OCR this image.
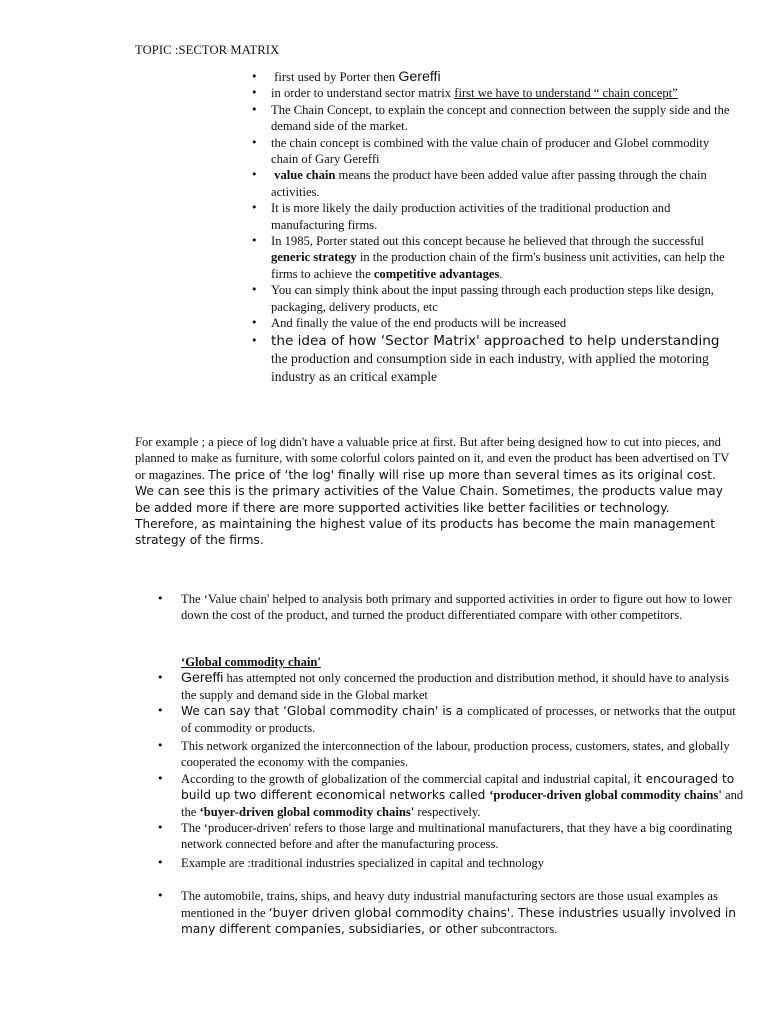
TOPIC :SECTOR MATRIX
• first used by Porter then Gereffi
• in order to understand sector matrix first we have to understand “ chain concept”
• The Chain Concept, to explain the concept and connection between the supply side and the demand side of the market.
• the chain concept is combined with the value chain of producer and Globel commodity chain of Gary Gereffi
• value chain means the product have been added value after passing through the chain activities.
• It is more likely the daily production activities of the traditional production and manufacturing firms.
• In 1985, Porter stated out this concept because he believed that through the successful generic strategy in the production chain of the firm's business unit activities, can help the firms to achieve the competitive advantages.
• You can simply think about the input passing through each production steps like design, packaging, delivery products, etc
• And finally the value of the end products will be increased
• the idea of how ‘Sector Matrix' approached to help understanding the production and consumption side in each industry, with applied the motoring industry as an critical example

For example ; a piece of log didn't have a valuable price at first. But after being designed how to cut into pieces, and planned to make as furniture, with some colorful colors painted on it, and even the product has been advertised on TV or magazines. The price of ‘the log' finally will rise up more than several times as its original cost. We can see this is the primary activities of the Value Chain. Sometimes, the products value may be added more if there are more supported activities like better facilities or technology. Therefore, as maintaining the highest value of its products has become the main management strategy of the firms.

• The ‘Value chain' helped to analysis both primary and supported activities in order to figure out how to lower down the cost of the product, and turned the product differentiated compare with other competitors.
‘Global commodity chain'
• Gereffi has attempted not only concerned the production and distribution method, it should have to analysis the supply and demand side in the Global market
• We can say that ‘Global commodity chain' is a complicated of processes, or networks that the output of commodity or products.
• This network organized the interconnection of the labour, production process, customers, states, and globally cooperated the economy with the companies.
• According to the growth of globalization of the commercial capital and industrial capital, it encouraged to build up two different economical networks called ‘producer-driven global commodity chains' and the ‘buyer-driven global commodity chains' respectively.
• The ‘producer-driven' refers to those large and multinational manufacturers, that they have a big coordinating network connected before and after the manufacturing process.
• Example are :traditional industries specialized in capital and technology
• The automobile, trains, ships, and heavy duty industrial manufacturing sectors are those usual examples as mentioned in the ‘buyer driven global commodity chains'. These industries usually involved in many different companies, subsidiaries, or other subcontractors.
